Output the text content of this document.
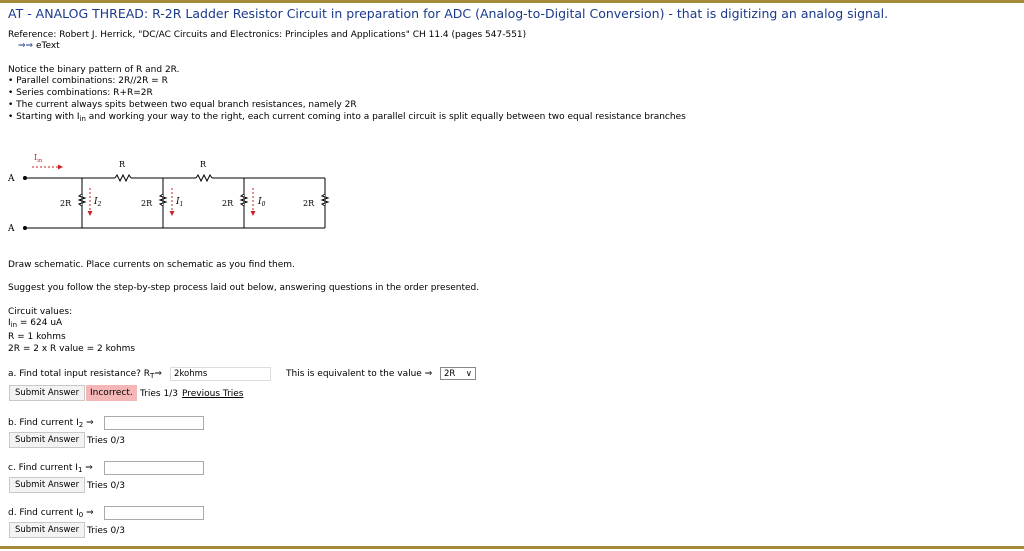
AT - ANALOG THREAD: R-2R Ladder Resistor Circuit in preparation for ADC (Analog-to-Digital Conversion) - that is digitizing an analog signal.
Reference: Robert J. Herrick, "DC/AC Circuits and Electronics: Principles and Applications" CH 11.4 (pages 547-551)
⇒⇒ eText
Notice the binary pattern of R and 2R.
• Parallel combinations: 2R//2R = R
• Series combinations: R+R=2R
• The current always spits between two equal branch resistances, namely 2R
• Starting with $I_{in}$ and working your way to the right, each current coming into a parallel circuit is split equally between two equal resistance branches
A
A
$I_{in}$	R	R
2R	$I_2$	2R	$I_1$	2R	$I_0$	2R
Draw schematic. Place currents on schematic as you find them.
Suggest you follow the step-by-step process laid out below, answering questions in the order presented.
Circuit values:
$I_{in} = 624$ uA
R = 1 kohms
2R = 2 x R value = 2 kohms
a. Find total input resistance? $R_T\Rightarrow$	2kohms	This is equivalent to the value ⇒	2R ∨
Submit Answer	Incorrect. Tries 1/3 Previous Tries
b. Find current $I_2$ ⇒
Submit Answer Tries 0/3
c. Find current $I_1$ ⇒
Submit Answer Tries 0/3
d. Find current $I_0$ ⇒
Submit Answer Tries 0/3
